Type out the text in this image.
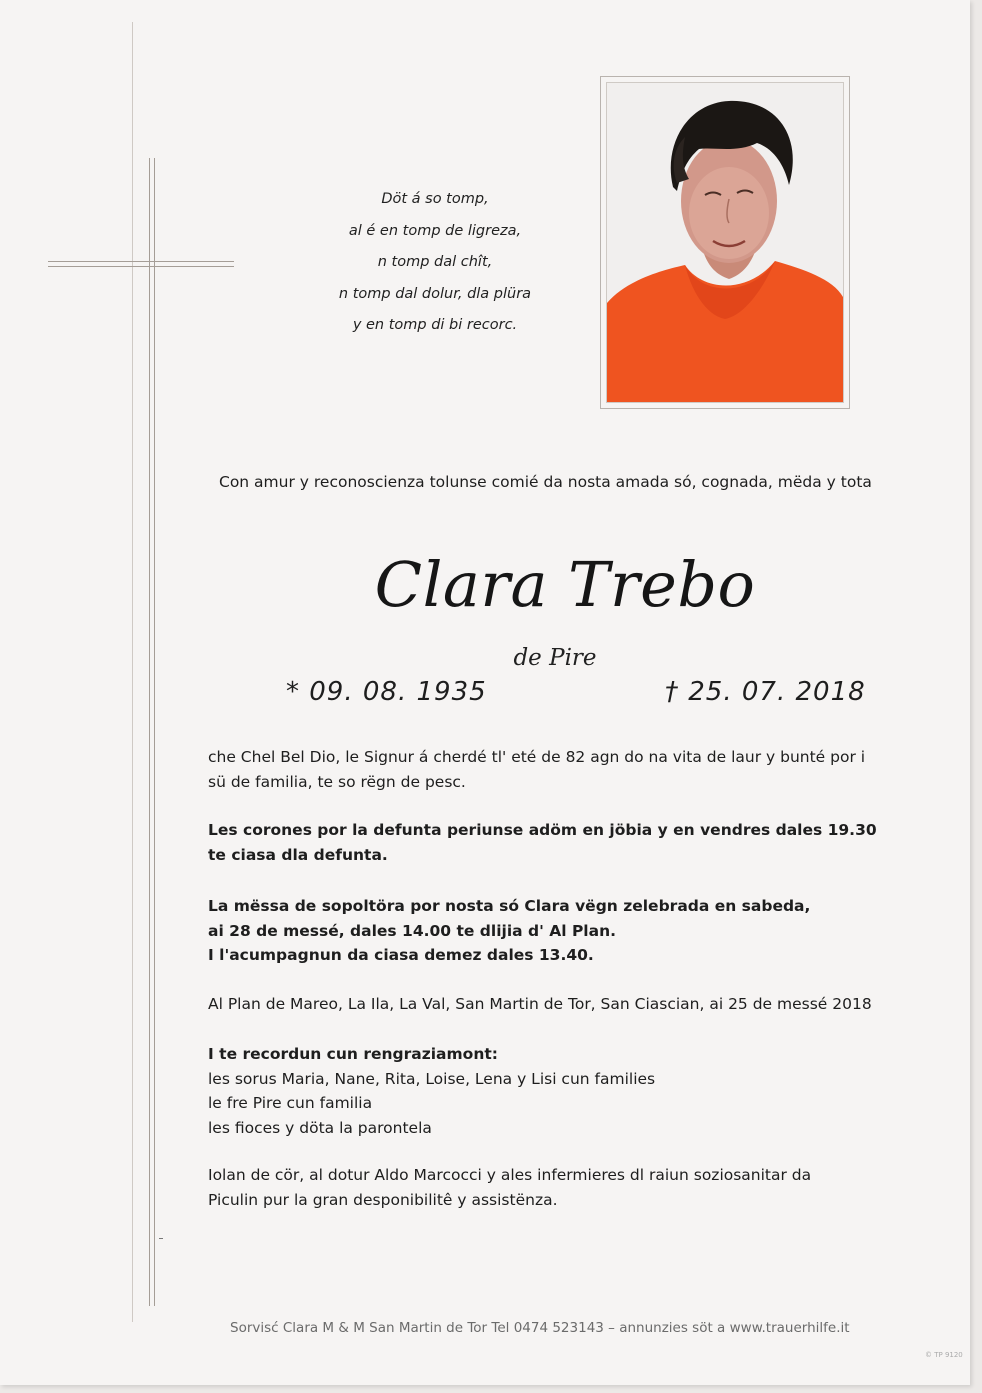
Döt á so tomp,
al é en tomp de ligreza,
n tomp dal chît,
n tomp dal dolur, dla plüra
y en tomp di bi recorc.
Con amur y reconoscienza tolunse comié da nosta amada só, cognada, mëda y tota
Clara Trebo
de Pire
* 09. 08. 1935	† 25. 07. 2018
che Chel Bel Dio, le Signur á cherdé tl' eté de 82 agn do na vita de laur y bunté por i
sü de familia, te so rëgn de pesc.
Les corones por la defunta periunse adöm en jöbia y en vendres dales 19.30
te ciasa dla defunta.
La mëssa de sopoltöra por nosta só Clara vëgn zelebrada en sabeda,
ai 28 de messé, dales 14.00 te dlijia d' Al Plan.
I l'acumpagnun da ciasa demez dales 13.40.
Al Plan de Mareo, La Ila, La Val, San Martin de Tor, San Ciascian, ai 25 de messé 2018
I te recordun cun rengraziamont:
les sorus Maria, Nane, Rita, Loise, Lena y Lisi cun families
le fre Pire cun familia
les fioces y döta la parontela
Iolan de cör, al dotur Aldo Marcocci y ales infermieres dl raiun soziosanitar da
Piculin pur la gran desponibilitê y assistënza.
Sorvisć Clara M & M San Martin de Tor Tel 0474 523143 – annunzies söt a www.trauerhilfe.it
© TP 9120
